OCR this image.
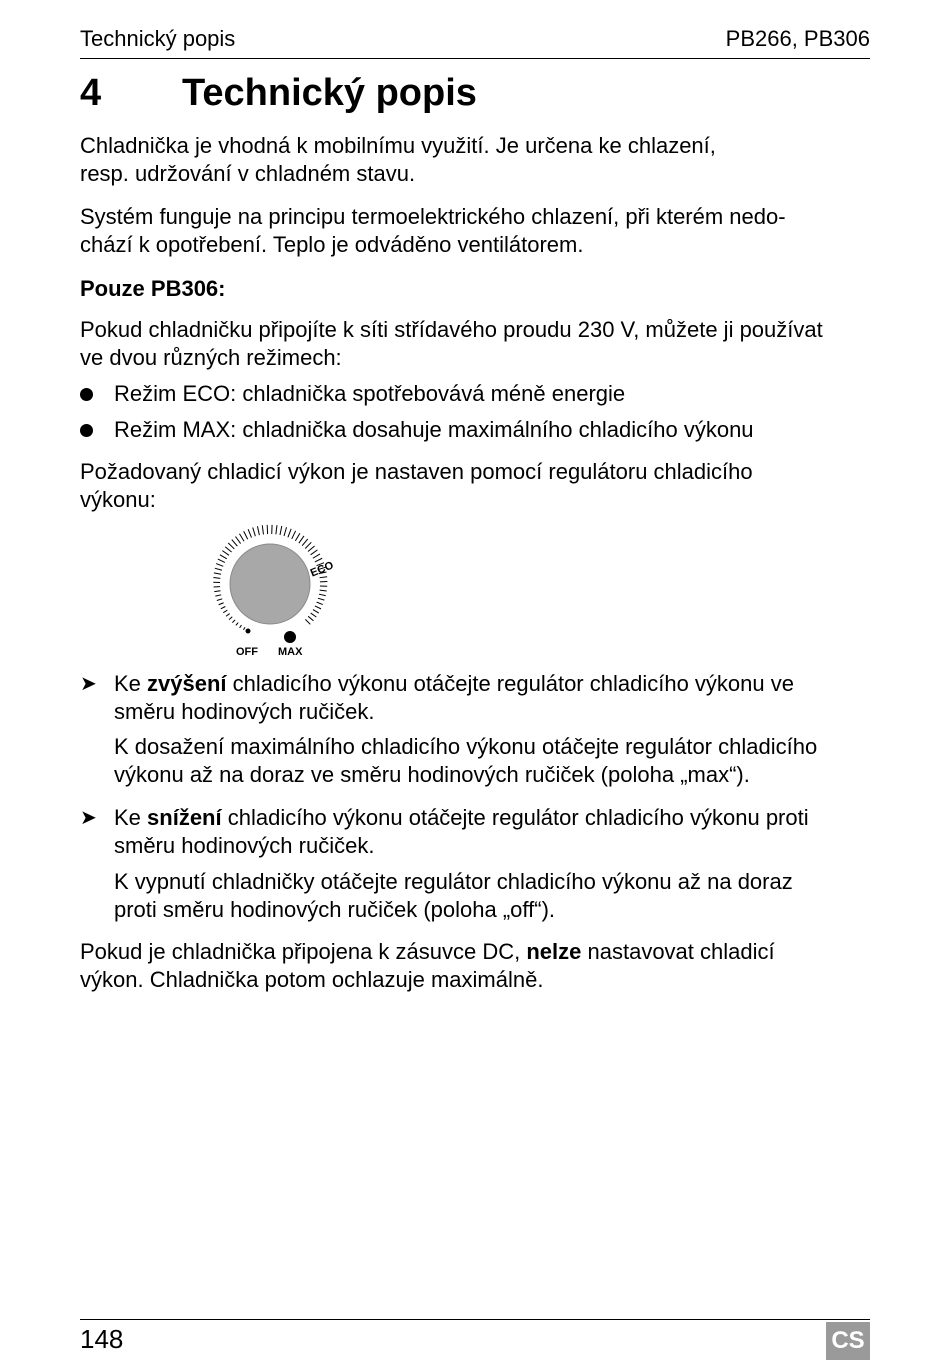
Technický popis	PB266, PB306
4 Technický popis

Chladnička je vhodná k mobilnímu využití. Je určena ke chlazení,
resp. udržování v chladném stavu.

Systém funguje na principu termoelektrického chlazení, při kterém nedo-
chází k opotřebení. Teplo je odváděno ventilátorem.

Pouze PB306:

Pokud chladničku připojíte k síti střídavého proudu 230 V, můžete ji používat
ve dvou různých režimech:

Režim ECO: chladnička spotřebovává méně energie
Režim MAX: chladnička dosahuje maximálního chladicího výkonu

Požadovaný chladicí výkon je nastaven pomocí regulátoru chladicího
výkonu:

OFF MAX
ECO
➤ Ke zvýšení chladicího výkonu otáčejte regulátor chladicího výkonu ve
směru hodinových ručiček.
K dosažení maximálního chladicího výkonu otáčejte regulátor chladicího
výkonu až na doraz ve směru hodinových ručiček (poloha „max“).
➤ Ke snížení chladicího výkonu otáčejte regulátor chladicího výkonu proti
směru hodinových ručiček.
K vypnutí chladničky otáčejte regulátor chladicího výkonu až na doraz
proti směru hodinových ručiček (poloha „off“).

Pokud je chladnička připojena k zásuvce DC, nelze nastavovat chladicí
výkon. Chladnička potom ochlazuje maximálně.

148	CS
